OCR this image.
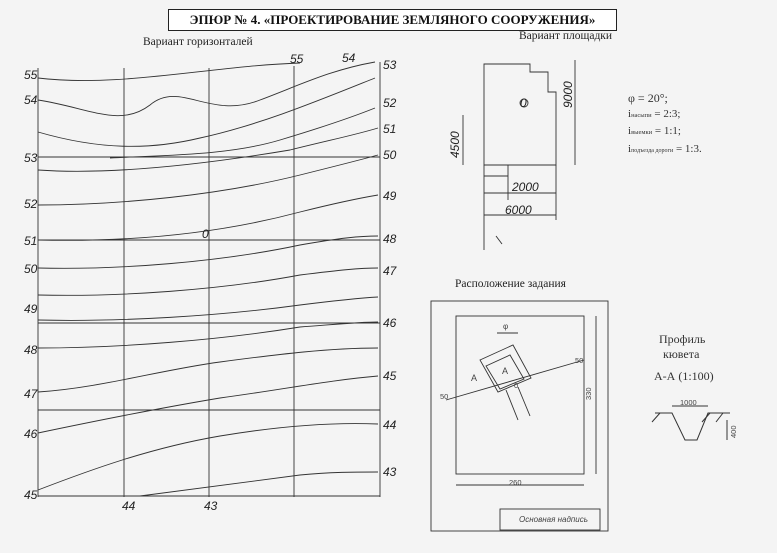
ЭПЮР № 4. «ПРОЕКТИРОВАНИЕ ЗЕМЛЯНОГО СООРУЖЕНИЯ»
Вариант горизонталей
55
54
53
52
51
50
49
48
47
46
45
53
52
51
50
49
48
47
46
45
44
43
55	54
44	43
0
Вариант площадки
0	9000
4500
2000
6000
φ = 20°;
iнасыпи = 2:3;
iвыемки = 1:1;
iподъезда дороги = 1:3.
Расположение задания
φ
A
A
0
50
50
330
260
Основная надпись
Профиль
кювета
А-А (1:100)
1000
400
